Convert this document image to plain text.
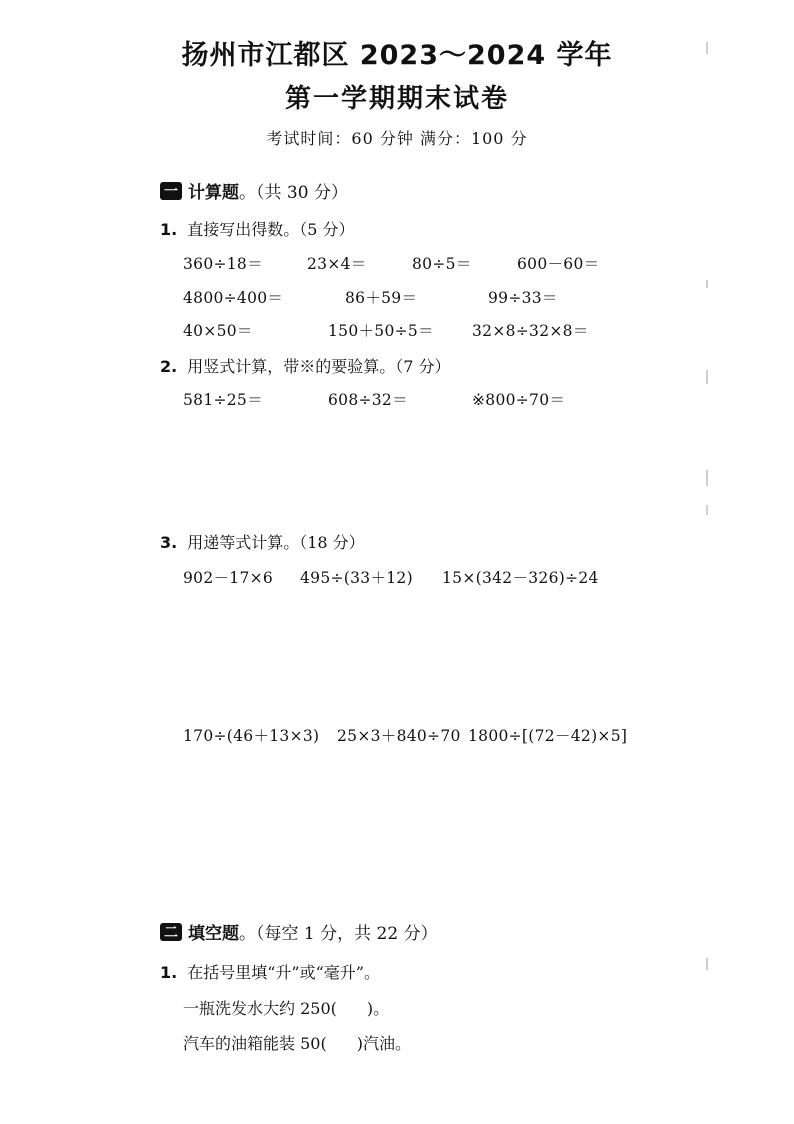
扬州市江都区 2023～2024 学年
第一学期期末试卷
考试时间：60 分钟 满分：100 分
一 计算题 。（共 30 分）
1. 直接写出得数。（5 分）
360÷18＝	23×4＝	80÷5＝	600－60＝
4800÷400＝	86＋59＝	99÷33＝
40×50＝	150＋50÷5＝ 32×8÷32×8＝
2. 用竖式计算，带※的要验算。（7 分）
581÷25＝	608÷32＝	※800÷70＝
3. 用递等式计算。（18 分）
902－17×6 495÷(33＋12) 15×(342－326)÷24
170÷(46＋13×3) 25×3＋840÷70 1800÷[(72－42)×5]
二 填空题 。（每空 1 分，共 22 分）
1. 在括号里填“升”或“毫升”。
一瓶洗发水大约 250( )。
汽车的油箱能装 50( )汽油。
